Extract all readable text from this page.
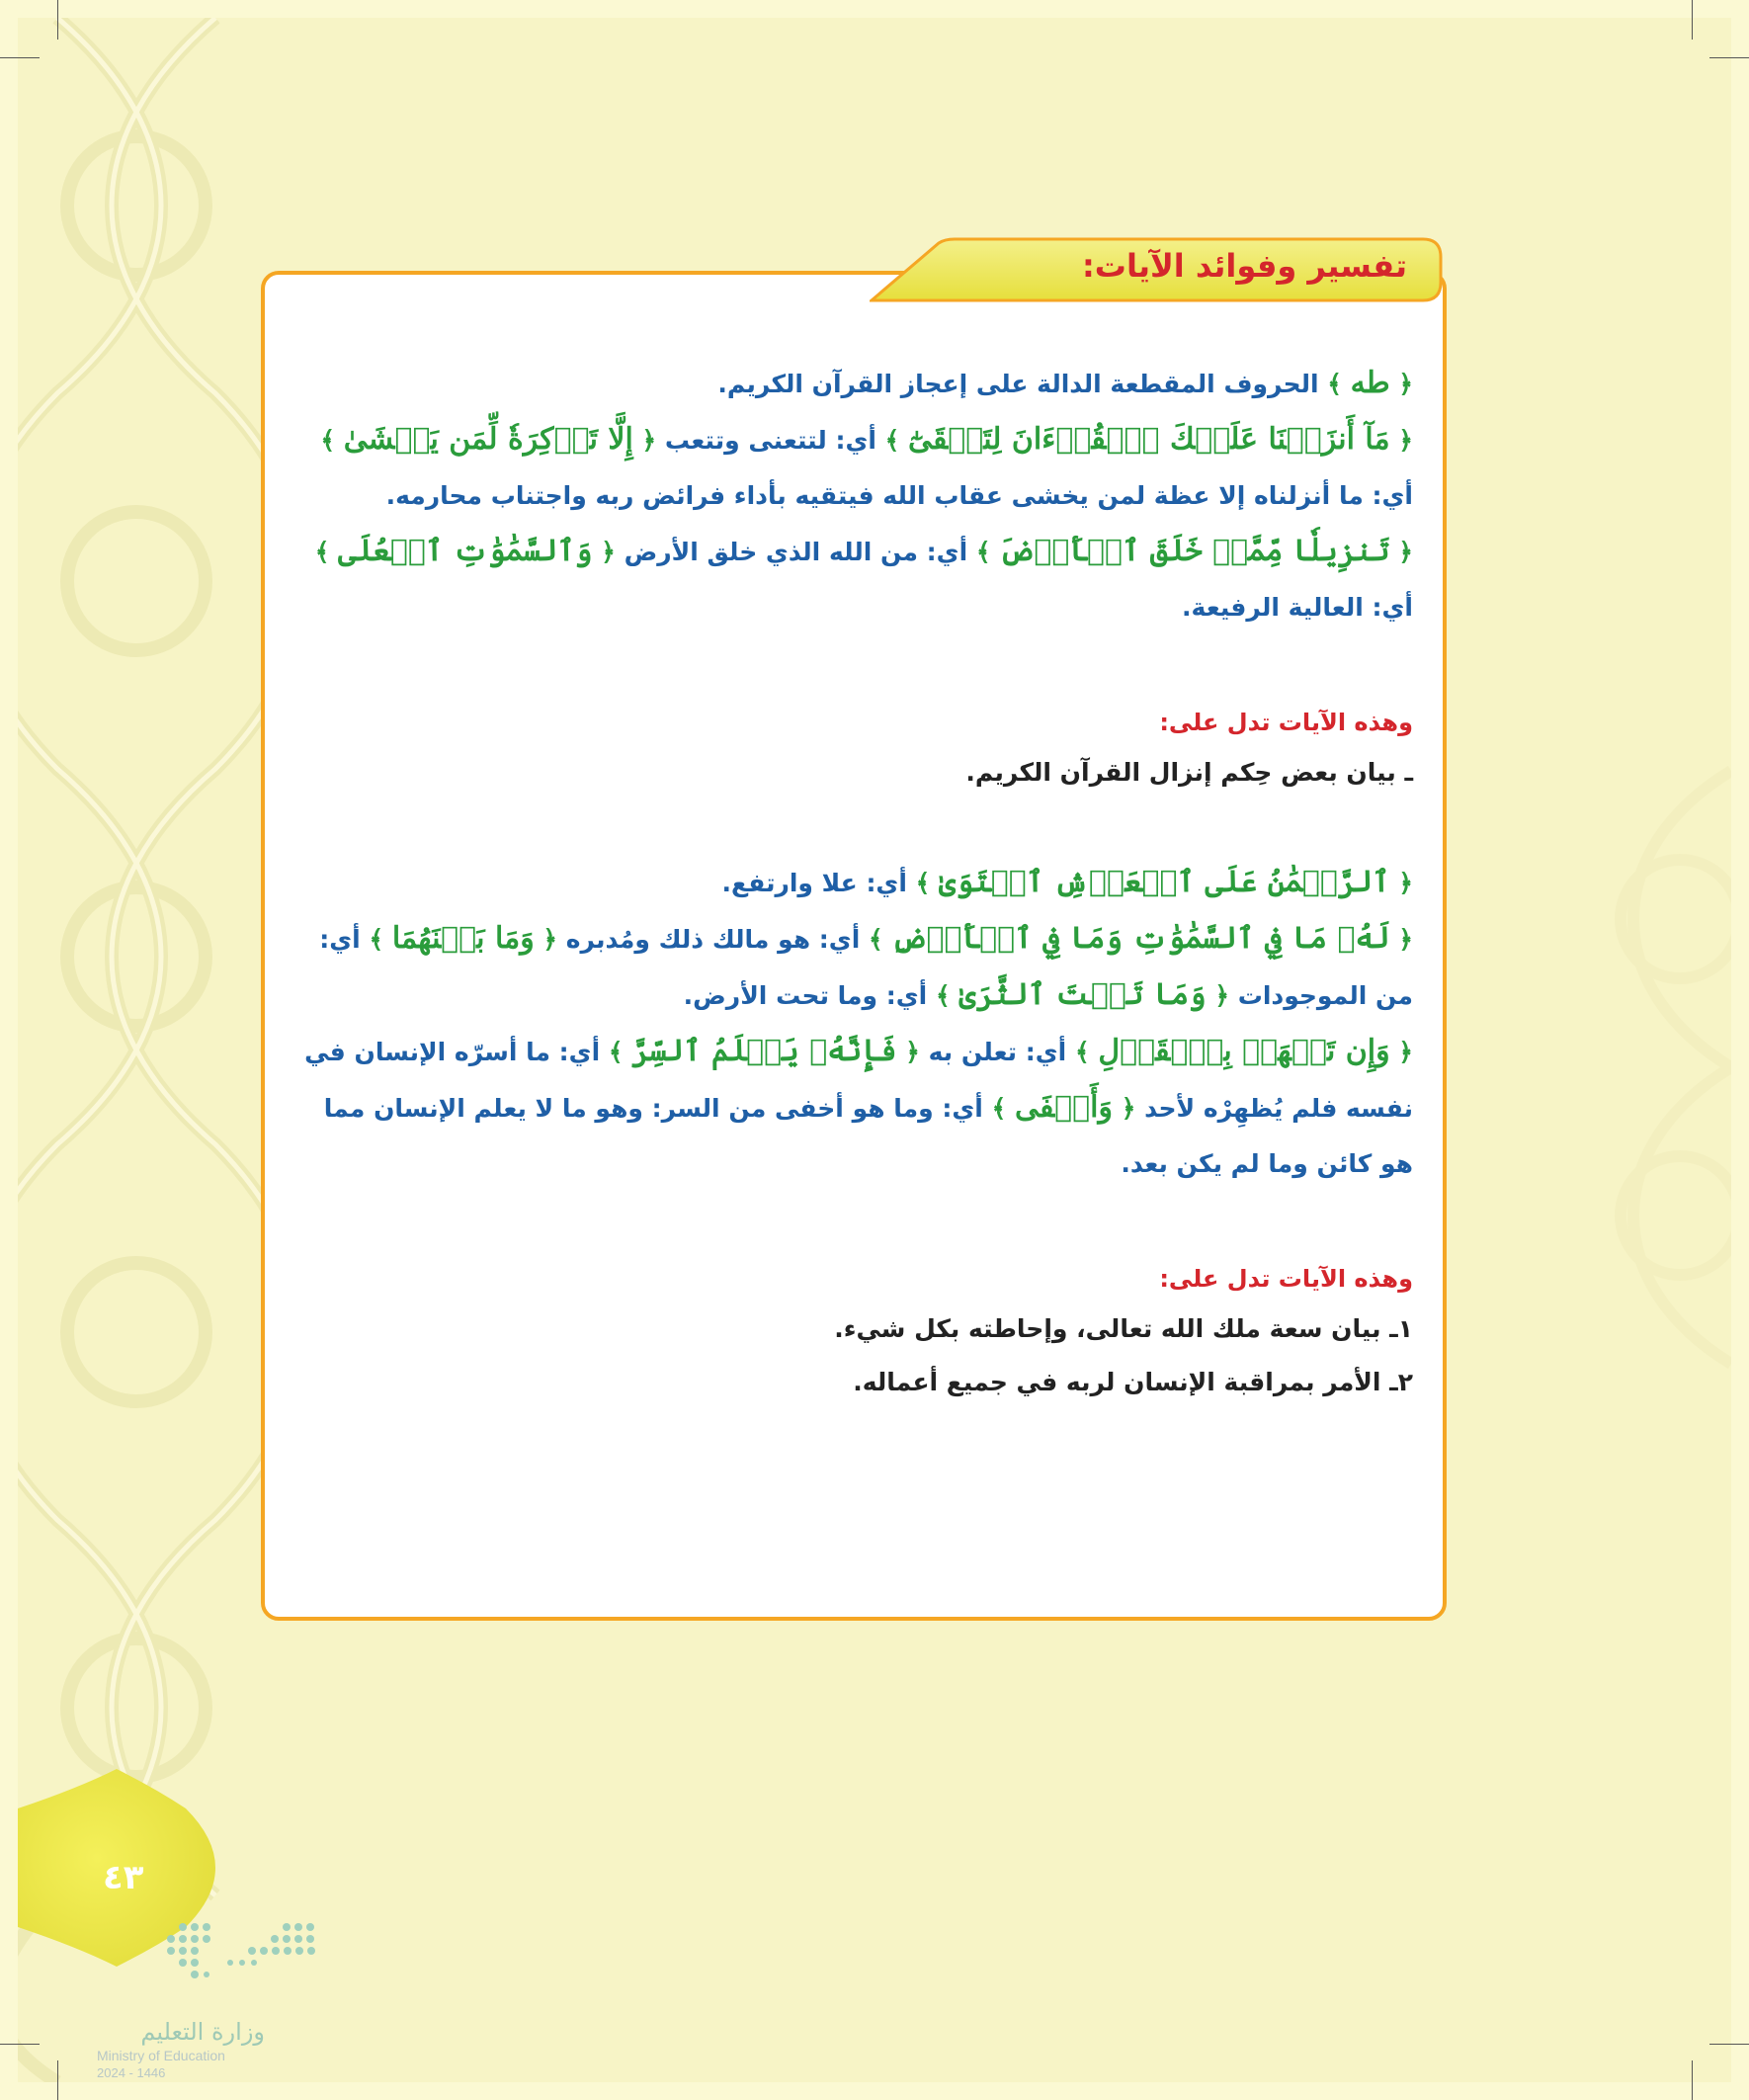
تفسير وفوائد الآيات:

﴿ طه ﴾ الحروف المقطعة الدالة على إعجاز القرآن الكريم.

﴿ مَآ أَنزَلۡنَا عَلَيۡكَ ٱلۡقُرۡءَانَ لِتَشۡقَىٰٓ ﴾ أي: لتتعنى وتتعب ﴿ إِلَّا تَذۡكِرَةٗ لِّمَن يَخۡشَىٰ ﴾ أي: ما أنزلناه إلا عظة لمن يخشى عقاب الله فيتقيه بأداء فرائض ربه واجتناب محارمه.

﴿ تَنزِيلٗا مِّمَّنۡ خَلَقَ ٱلۡأَرۡضَ ﴾ أي: من الله الذي خلق الأرض ﴿ وَٱلسَّمَٰوَٰتِ ٱلۡعُلَى ﴾ أي: العالية الرفيعة.

وهذه الآيات تدل على:

ـ بيان بعض حِكم إنزال القرآن الكريم.

﴿ ٱلرَّحۡمَٰنُ عَلَى ٱلۡعَرۡشِ ٱسۡتَوَىٰ ﴾ أي: علا وارتفع.

﴿ لَهُۥ مَا فِي ٱلسَّمَٰوَٰتِ وَمَا فِي ٱلۡأَرۡضِ ﴾ أي: هو مالك ذلك ومُدبره ﴿ وَمَا بَيۡنَهُمَا ﴾ أي: من الموجودات ﴿ وَمَا تَحۡتَ ٱلثَّرَىٰ ﴾ أي: وما تحت الأرض.

﴿ وَإِن تَجۡهَرۡ بِٱلۡقَوۡلِ ﴾ أي: تعلن به ﴿ فَإِنَّهُۥ يَعۡلَمُ ٱلسِّرَّ ﴾ أي: ما أسرّه الإنسان في نفسه فلم يُظهِرْه لأحد ﴿ وَأَخۡفَى ﴾ أي: وما هو أخفى من السر: وهو ما لا يعلم الإنسان مما هو كائن وما لم يكن بعد.

وهذه الآيات تدل على:

١ـ بيان سعة ملك الله تعالى، وإحاطته بكل شيء.

٢ـ الأمر بمراقبة الإنسان لربه في جميع أعماله.

٤٣
وزارة التعليم
Ministry of Education
2024 - 1446
